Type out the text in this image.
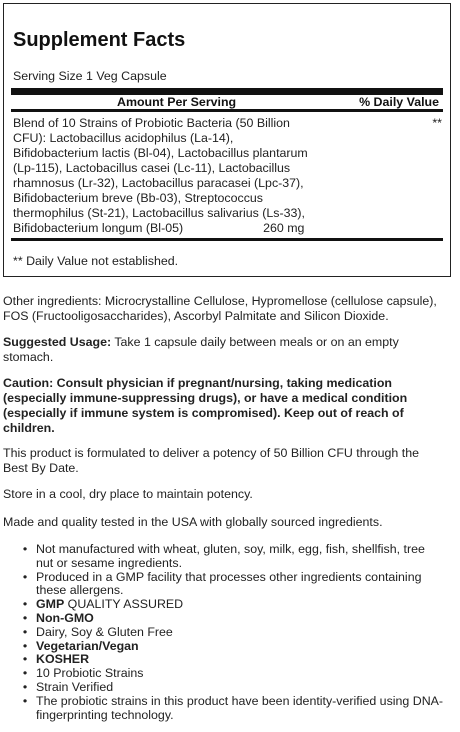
Supplement Facts
Serving Size 1 Veg Capsule
Amount Per Serving	% Daily Value

Blend of 10 Strains of Probiotic Bacteria (50 Billion

CFU): Lactobacillus acidophilus (La-14),

Bifidobacterium lactis (Bl-04), Lactobacillus plantarum

(Lp-115), Lactobacillus casei (Lc-11), Lactobacillus

rhamnosus (Lr-32), Lactobacillus paracasei (Lpc-37),

Bifidobacterium breve (Bb-03), Streptococcus

thermophilus (St-21), Lactobacillus salivarius (Ls-33),

Bifidobacterium longum (Bl-05)	260 mg

**
** Daily Value not established.
Other ingredients: Microcrystalline Cellulose, Hypromellose (cellulose capsule),
FOS (Fructooligosaccharides), Ascorbyl Palmitate and Silicon Dioxide.
Suggested Usage: Take 1 capsule daily between meals or on an empty
stomach.
Caution: Consult physician if pregnant/nursing, taking medication
(especially immune-suppressing drugs), or have a medical condition
(especially if immune system is compromised). Keep out of reach of
children.
This product is formulated to deliver a potency of 50 Billion CFU through the
Best By Date.
Store in a cool, dry place to maintain potency.
Made and quality tested in the USA with globally sourced ingredients.
• Not manufactured with wheat, gluten, soy, milk, egg, fish, shellfish, tree
nut or sesame ingredients.
• Produced in a GMP facility that processes other ingredients containing
these allergens.
• GMP QUALITY ASSURED
• Non-GMO
• Dairy, Soy & Gluten Free
• Vegetarian/Vegan
• KOSHER
• 10 Probiotic Strains
• Strain Verified
• The probiotic strains in this product have been identity-verified using DNA-
fingerprinting technology.
